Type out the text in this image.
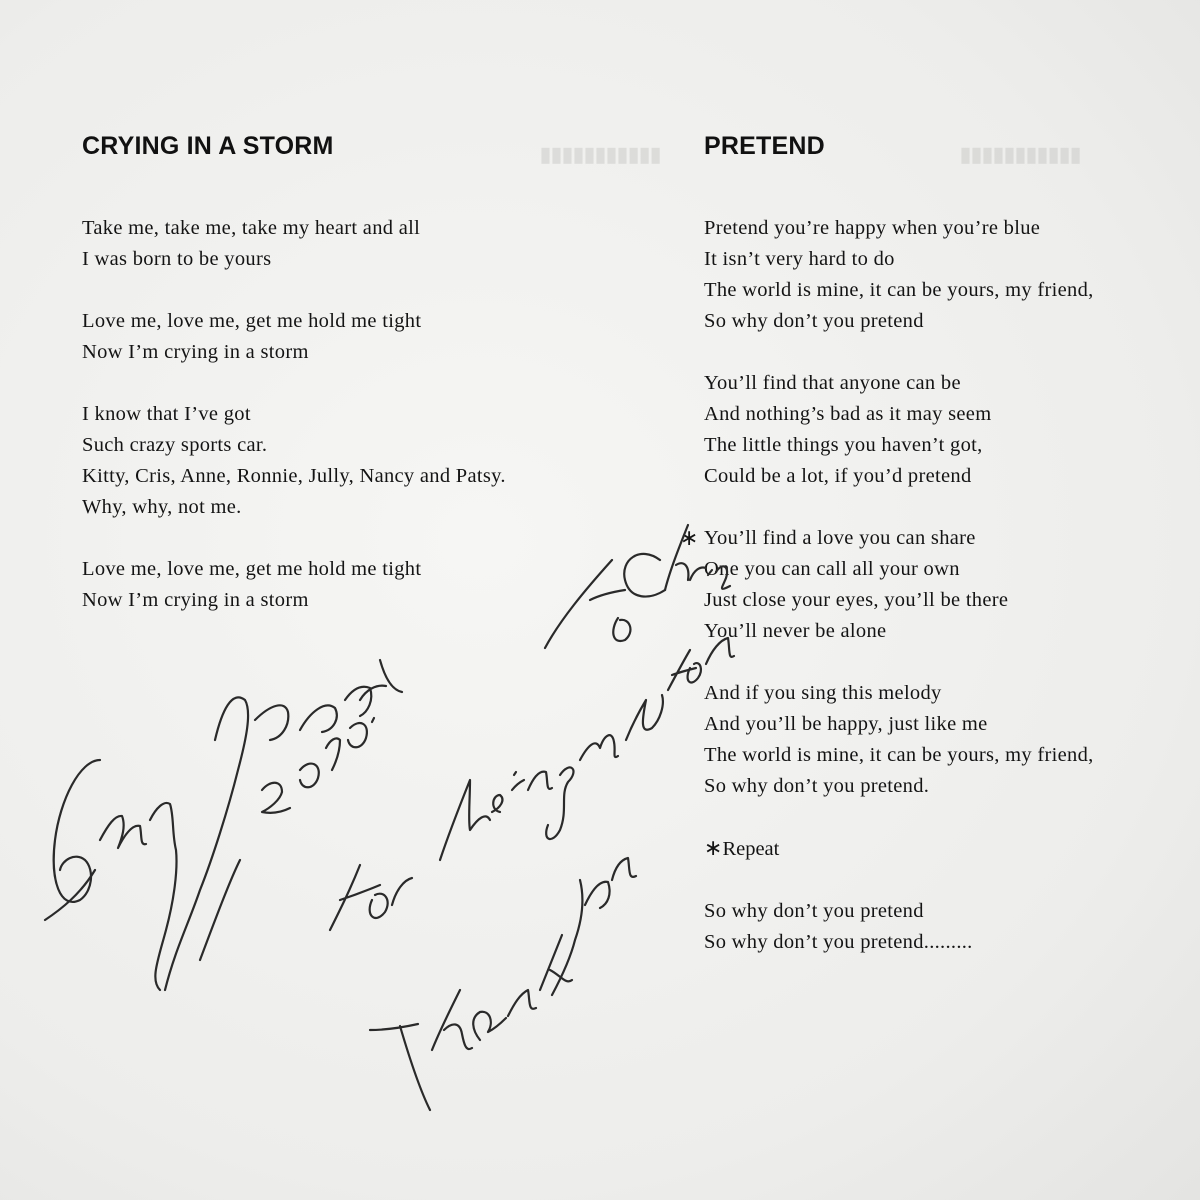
▮▮▮▮▮▮▮▮▮▮▮	▮▮▮▮▮▮▮▮▮▮▮
CRYING IN A STORM
Take me, take me, take my heart and all
I was born to be yours
Love me, love me, get me hold me tight
Now I’m crying in a storm
I know that I’ve got
Such crazy sports car.
Kitty, Cris, Anne, Ronnie, Jully, Nancy and Patsy.
Why, why, not me.
Love me, love me, get me hold me tight
Now I’m crying in a storm
PRETEND
Pretend you’re happy when you’re blue
It isn’t very hard to do
The world is mine, it can be yours, my friend,
So why don’t you pretend
You’ll find that anyone can be
And nothing’s bad as it may seem
The little things you haven’t got,
Could be a lot, if you’d pretend
∗ You’ll find a love you can share
One you can call all your own
Just close your eyes, you’ll be there
You’ll never be alone
And if you sing this melody
And you’ll be happy, just like me
The world is mine, it can be yours, my friend,
So why don’t you pretend.
∗Repeat
So why don’t you pretend
So why don’t you pretend.........
